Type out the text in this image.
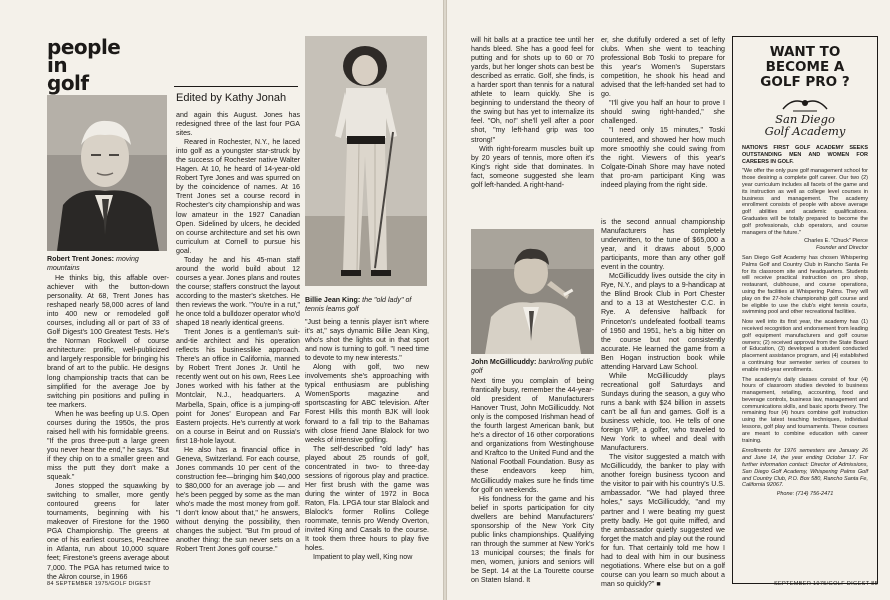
people
in
golf
Edited by Kathy Jonah
Robert Trent Jones: moving mountains

He thinks big, this affable over-achiever with the button-down personality. At 68, Trent Jones has reshaped nearly 58,000 acres of land into 400 new or remodeled golf courses, including all or part of 33 of Golf Digest's 100 Greatest Tests. He's the Norman Rockwell of course architecture: prolific, well-publicized and largely responsible for bringing his brand of art to the public. He designs long championship tracts that can be simplified for the average Joe by switching pin positions and pulling in tee markers.

When he was beefing up U.S. Open courses during the 1950s, the pros raised hell with his formidable greens. "If the pros three-putt a large green you never hear the end," he says. "But if they chip on to a smaller green and miss the putt they don't make a squeak."

Jones stopped the squawking by switching to smaller, more gently contoured greens for later tournaments, beginning with his makeover of Firestone for the 1960 PGA Championship. The greens at one of his earliest courses, Peachtree in Atlanta, run about 10,000 square feet; Firestone's greens average about 7,000. The PGA has returned twice to the Akron course, in 1966

and again this August. Jones has redesigned three of the last four PGA sites.

Reared in Rochester, N.Y., he laced into golf as a youngster star-struck by the success of Rochester native Walter Hagen. At 10, he heard of 14-year-old Robert Tyre Jones and was spurred on by the coincidence of names. At 16 Trent Jones set a course record in Rochester's city championship and was low amateur in the 1927 Canadian Open. Sidelined by ulcers, he decided on course architecture and set his own curriculum at Cornell to pursue his goal.

Today he and his 45-man staff around the world build about 12 courses a year. Jones plans and routes the course; staffers construct the layout according to the master's sketches. He then reviews the work. "You're in a rut," he once told a bulldozer operator who'd shaped 18 nearly identical greens.

Trent Jones is a gentleman's suit-and-tie architect and his operation reflects his businesslike approach. There's an office in California, manned by Robert Trent Jones Jr. Until he recently went out on his own, Rees Lee Jones worked with his father at the Montclair, N.J., headquarters. A Marbella, Spain, office is a jumping-off point for Jones' European and Far Eastern projects. He's currently at work on a course in Beirut and on Russia's first 18-hole layout.

He also has a financial office in Geneva, Switzerland. For each course, Jones commands 10 per cent of the construction fee—bringing him $40,000 to $80,000 for an average job — and he's been pegged by some as the man who's made the most money from golf. "I don't know about that," he answers, without denying the possibility, then changes the subject. "But I'm proud of another thing: the sun never sets on a Robert Trent Jones golf course."

Billie Jean King: the "old lady" of tennis learns golf

"Just being a tennis player isn't where it's at," says dynamic Billie Jean King, who's shot the lights out in that sport and now is turning to golf. "I need time to devote to my new interests."

Along with golf, two new involvements she's approaching with typical enthusiasm are publishing WomenSports magazine and sportscasting for ABC television. After Forest Hills this month BJK will look forward to a fall trip to the Bahamas with close friend Jane Blalock for two weeks of intensive golfing.

The self-described "old lady" has played about 25 rounds of golf, concentrated in two- to three-day sessions of rigorous play and practice. Her first brush with the game was during the winter of 1972 in Boca Raton, Fla. LPGA tour star Blalock and Blalock's former Rollins College roommate, tennis pro Wendy Overton, invited King and Casals to the course. It took them three hours to play five holes.

Impatient to play well, King now

84 SEPTEMBER 1975/GOLF DIGEST

will hit balls at a practice tee until her hands bleed. She has a good feel for putting and for shots up to 60 or 70 yards, but her longer shots can best be described as erratic. Golf, she finds, is a harder sport than tennis for a natural athlete to learn quickly. She is beginning to understand the theory of the swing but has yet to internalize its feel. "Oh, no!" she'll yell after a poor shot, "my left-hand grip was too strong!"

With right-forearm muscles built up by 20 years of tennis, more often it's King's right side that dominates. In fact, someone suggested she learn golf left-handed. A right-hand-

er, she dutifully ordered a set of lefty clubs. When she went to teaching professional Bob Toski to prepare for this year's Women's Superstars competition, he shook his head and advised that the left-handed set had to go.

"I'll give you half an hour to prove I should swing right-handed," she challenged.

"I need only 15 minutes," Toski countered, and showed her how much more smoothly she could swing from the right. Viewers of this year's Colgate-Dinah Shore may have noted that pro-am participant King was indeed playing from the right side.

John McGillicuddy: bankrolling public golf

Next time you complain of being frantically busy, remember the 44-year-old president of Manufacturers Hanover Trust, John McGillicuddy. Not only is the composed Irishman head of the fourth largest American bank, but he's a director of 16 other corporations and organizations from Westinghouse and Kraftco to the United Fund and the National Football Foundation. Busy as these endeavors keep him, McGillicuddy makes sure he finds time for golf on weekends.

His fondness for the game and his belief in sports participation for city dwellers are behind Manufacturers' sponsorship of the New York City public links championships. Qualifying ran through the summer at New York's 13 municipal courses; the finals for men, women, juniors and seniors will be Sept. 14 at the La Tourette course on Staten Island. It

is the second annual championship Manufacturers has completely underwritten, to the tune of $65,000 a year, and it draws about 5,000 participants, more than any other golf event in the country.

McGillicuddy lives outside the city in Rye, N.Y., and plays to a 9-handicap at the Blind Brook Club in Port Chester and to a 13 at Westchester C.C. in Rye. A defensive halfback for Princeton's undefeated football teams of 1950 and 1951, he's a big hitter on the course but not consistently accurate. He learned the game from a Ben Hogan instruction book while attending Harvard Law School.

While McGillicuddy plays recreational golf Saturdays and Sundays during the season, a guy who runs a bank with $24 billion in assets can't be all fun and games. Golf is a business vehicle, too. He tells of one foreign VIP, a golfer, who traveled to New York to wheel and deal with Manufacturers.

The visitor suggested a match with McGillicuddy, the banker to play with another foreign business tycoon and the visitor to pair with his country's U.S. ambassador. "We had played three holes," says McGillicuddy, "and my partner and I were beating my guest pretty badly. He got quite miffed, and the ambassador quietly suggested we forget the match and play out the round for fun. That certainly told me how I had to deal with him in our business negotiations. Where else but on a golf course can you learn so much about a man so quickly?" ■

WANT TO
BECOME A
GOLF PRO ?
San Diego
Golf Academy

NATION'S FIRST GOLF ACADEMY SEEKS OUTSTANDING MEN AND WOMEN FOR CAREERS IN GOLF.

"We offer the only pure golf management school for those desiring a complete golf career. Our two (2) year curriculum includes all facets of the game and its instruction as well as college level courses in business and management. The academy enrollment consists of people with above average golf abilities and academic qualifications. Graduates will be totally prepared to become the golf professionals, club operators, and course managers of the future."

Charles E. "Chuck" Pierce

Founder and Director

San Diego Golf Academy has chosen Whispering Palms Golf and Country Club in Rancho Santa Fe for its classroom site and headquarters. Students will receive practical instruction on pro shop, restaurant, clubhouse, and course operations, using the facilities at Whispering Palms. They will play on the 27-hole championship golf course and be eligible to use the club's eight tennis courts, swimming pool and other recreational facilities.

Now well into its first year, the academy has (1) received recognition and endorsement from leading golf equipment manufacturers and golf course owners; (2) received approval from the State Board of Education, (3) developed a student conducted placement assistance program, and (4) established a continuing four semester series of courses to enable mid-year enrollments.

The academy's daily classes consist of four (4) hours of classroom studies devoted to business management, retailing, accounting, food and beverage controls, business law, management and communications skills, and basic sports theory. The remaining four (4) hours combine golf instruction using the latest teaching techniques, individual lessons, golf play and tournaments. These courses are meant to combine education with career training.

Enrollments for 1976 semesters are January 26 and June 14, the year ending October 17. For further information contact: Director of Admissions, San Diego Golf Academy, Whispering Palms Golf and Country Club, P.O. Box 580, Rancho Santa Fe, California 92067.

Phone: (714) 756-2471

SEPTEMBER 1975/GOLF DIGEST 85
